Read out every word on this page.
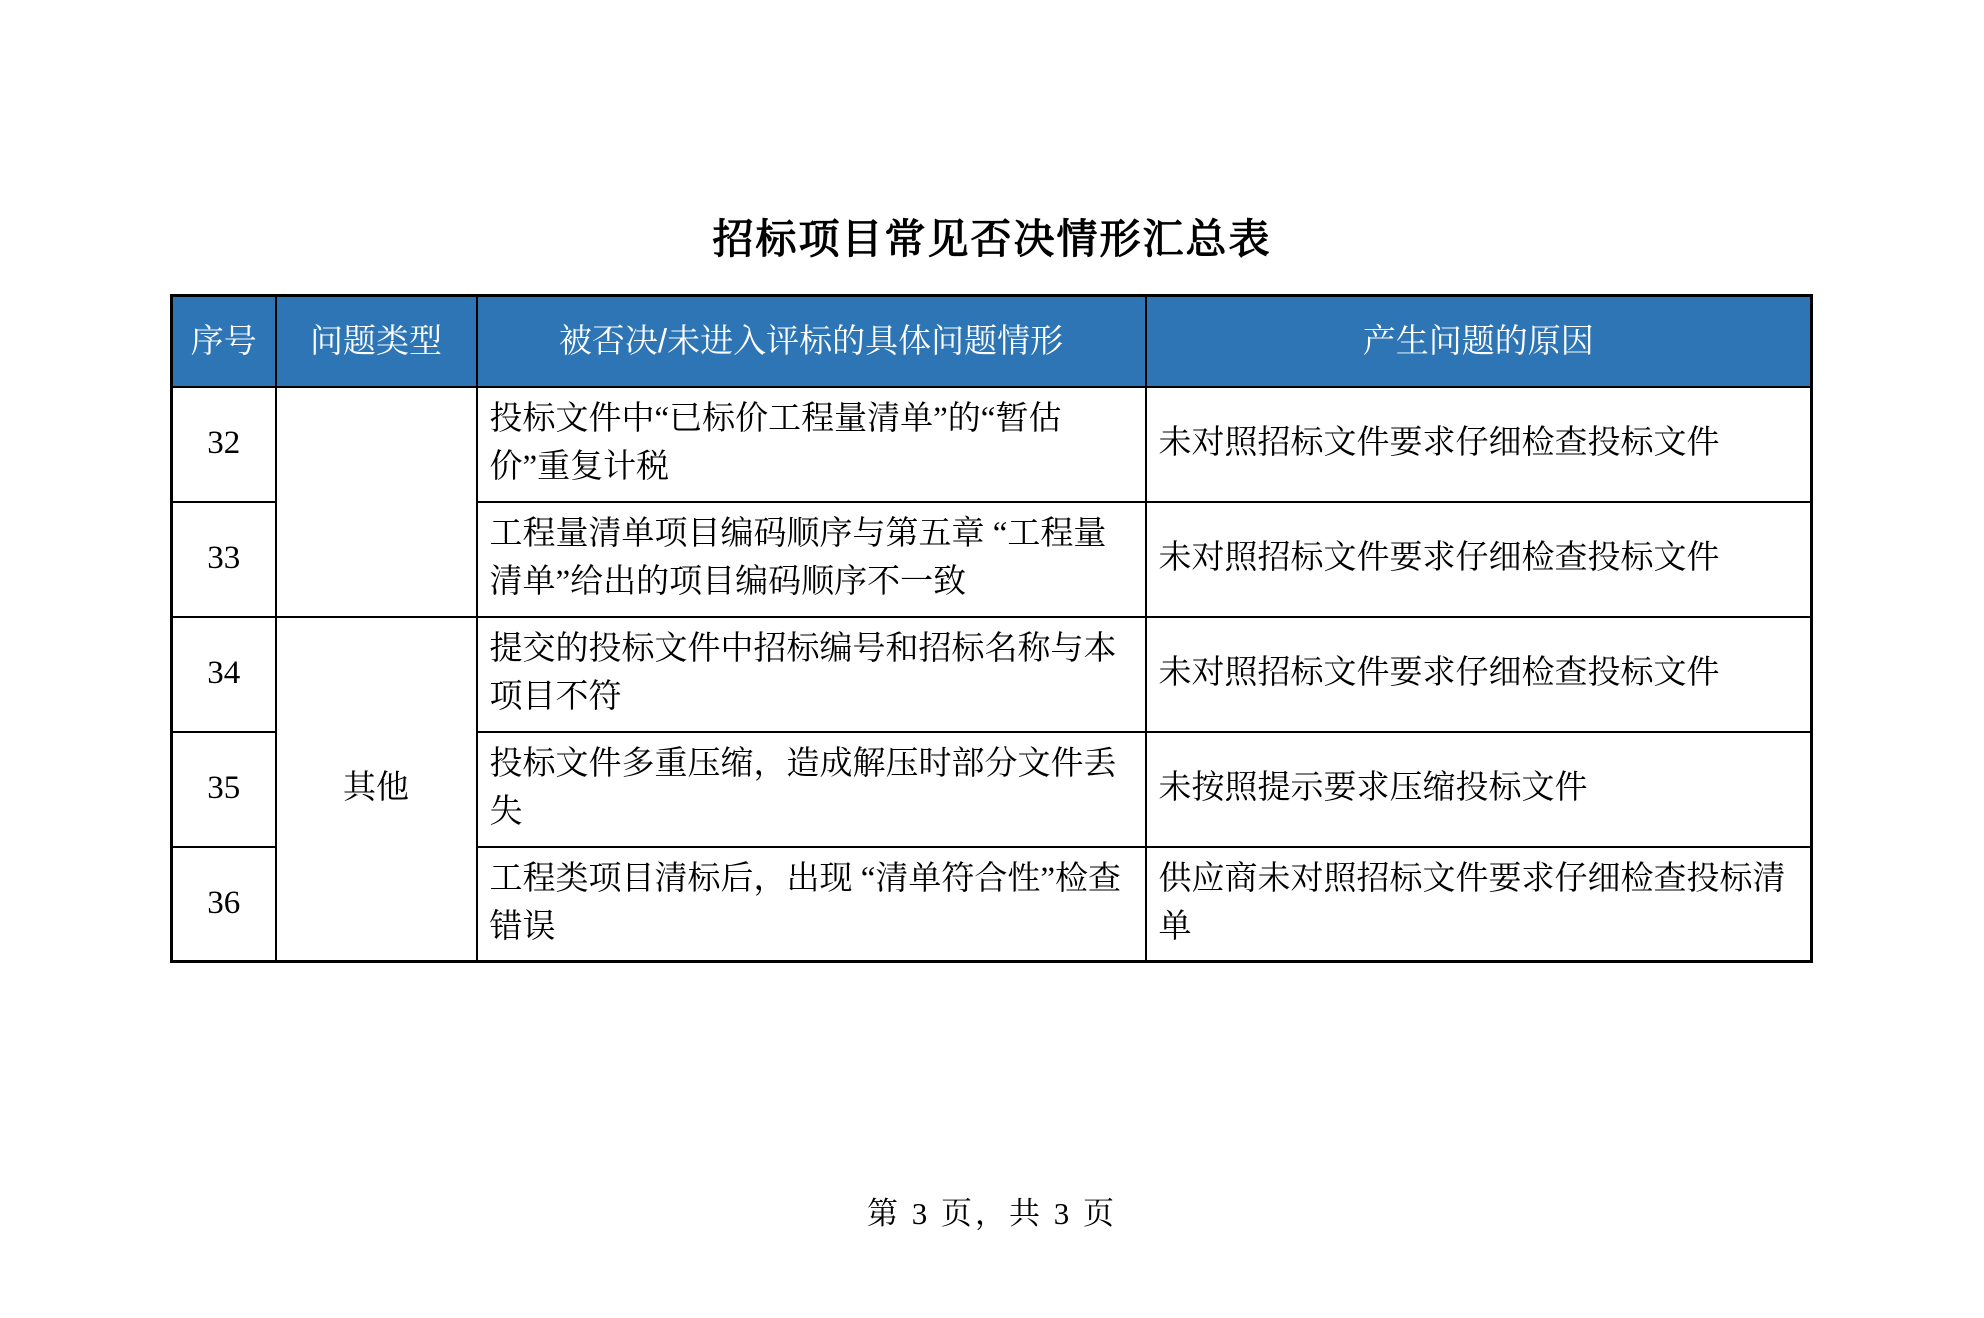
招标项目常见否决情形汇总表
序号	问题类型	被否决/未进入评标的具体问题情形	产生问题的原因
32		投标文件中“已标价工程量清单”的“暂估价”重复计税	未对照招标文件要求仔细检查投标文件
33		工程量清单项目编码顺序与第五章 “工程量清单”给出的项目编码顺序不一致	未对照招标文件要求仔细检查投标文件
34	其他	提交的投标文件中招标编号和招标名称与本项目不符	未对照招标文件要求仔细检查投标文件
35		投标文件多重压缩，造成解压时部分文件丢失	未按照提示要求压缩投标文件
36		工程类项目清标后，出现 “清单符合性”检查错误	供应商未对照招标文件要求仔细检查投标清单
第 3 页，共 3 页
